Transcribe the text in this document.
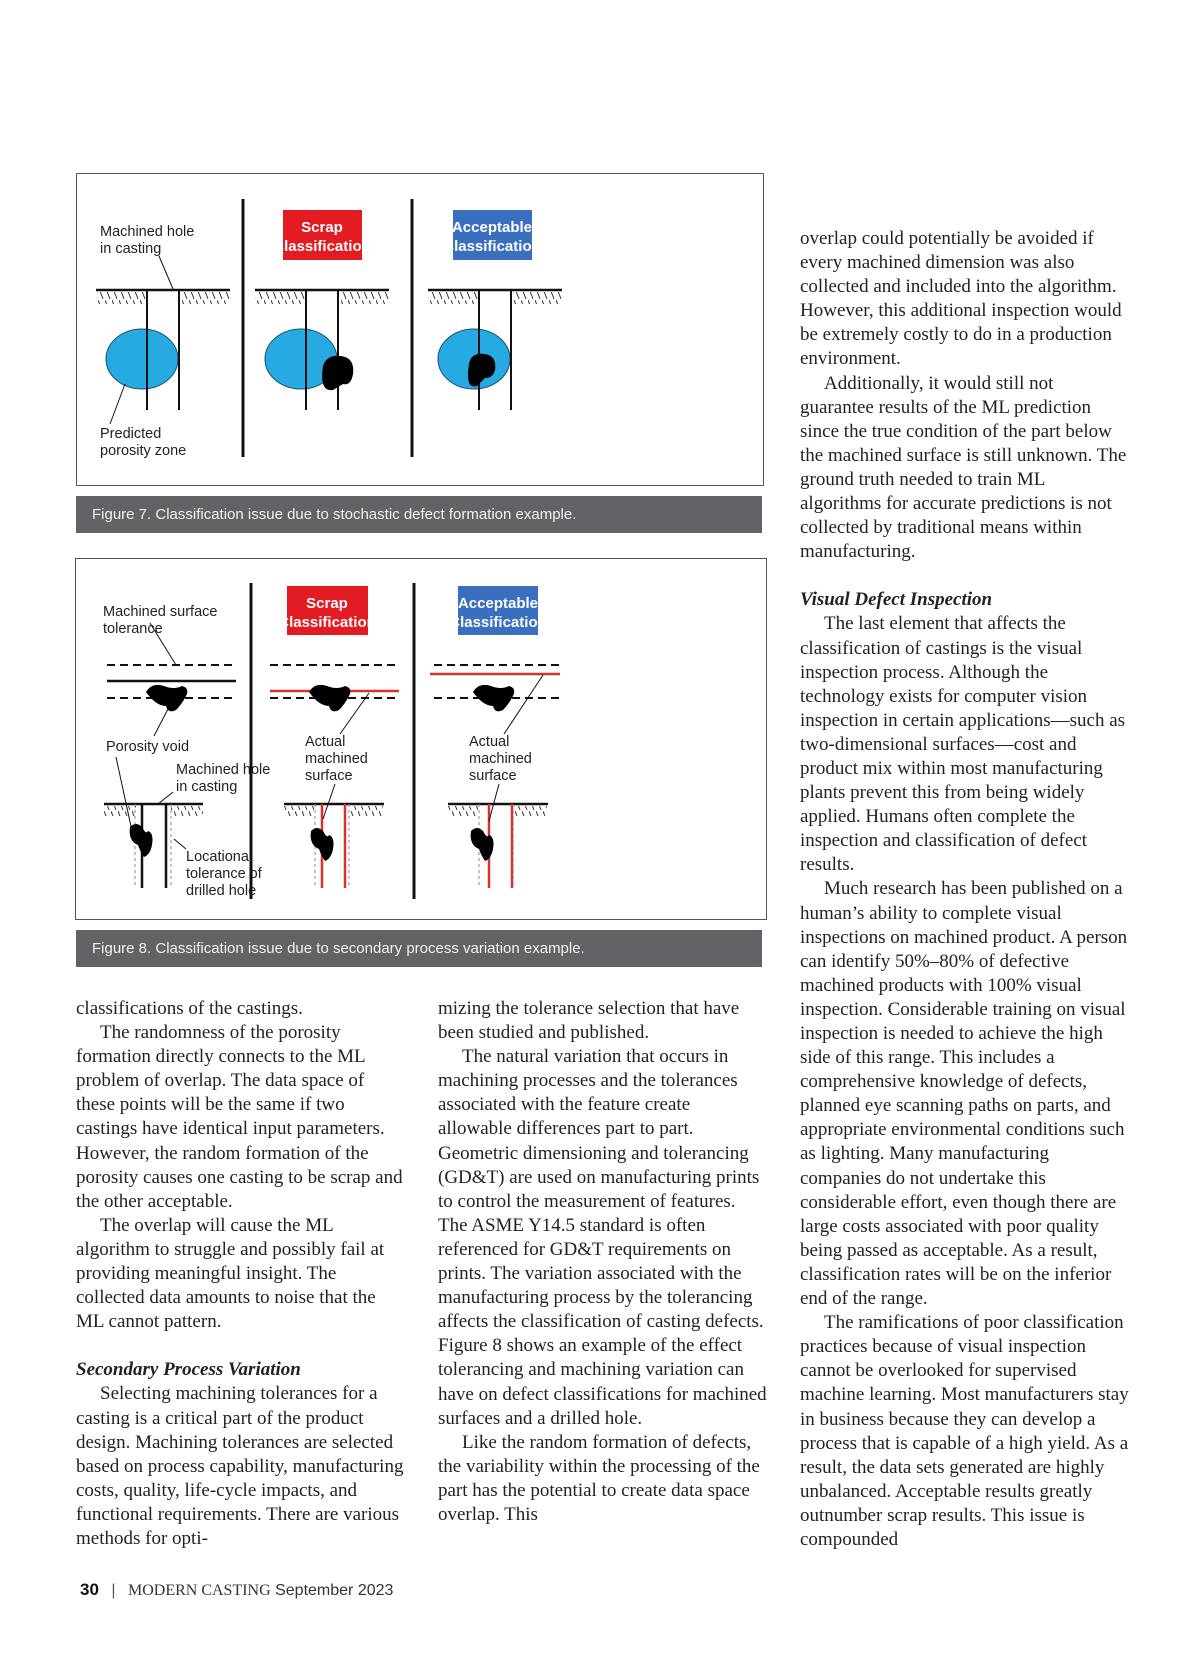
Scrap
Classification
Acceptable
Classification
Machined hole
in casting
Predicted
porosity zone
Figure 7. Classification issue due to stochastic defect formation example.
Machined surface
tolerance
Porosity void
Machined hole
in casting
Locational
tolerance of
drilled hole
Actual
machined
surface
Actual
machined
surface
Scrap
Classification
Acceptable
Classification
Figure 8. Classification issue due to secondary process variation example.

classifications of the castings.

The randomness of the porosity formation directly connects to the ML problem of overlap. The data space of these points will be the same if two castings have identical input parameters. However, the random formation of the porosity causes one casting to be scrap and the other acceptable.

The overlap will cause the ML algorithm to struggle and possibly fail at providing meaningful insight. The collected data amounts to noise that the ML cannot pattern.

Secondary Process Variation

Selecting machining tolerances for a casting is a critical part of the product design. Machining tolerances are selected based on process capability, manufacturing costs, quality, life-cycle impacts, and functional requirements. There are various methods for opti-

mizing the tolerance selection that have been studied and published.

The natural variation that occurs in machining processes and the tolerances associated with the feature create allowable differences part to part. Geometric dimensioning and tolerancing (GD&T) are used on manufacturing prints to control the measurement of features. The ASME Y14.5 standard is often referenced for GD&T requirements on prints. The variation associated with the manufacturing process by the tolerancing affects the classification of casting defects. Figure 8 shows an example of the effect tolerancing and machining variation can have on defect classifications for machined surfaces and a drilled hole.

Like the random formation of defects, the variability within the processing of the part has the potential to create data space overlap. This

overlap could potentially be avoided if every machined dimension was also collected and included into the algorithm. However, this additional inspection would be extremely costly to do in a production environment.

Additionally, it would still not guarantee results of the ML prediction since the true condition of the part below the machined surface is still unknown. The ground truth needed to train ML algorithms for accurate predictions is not collected by traditional means within manufacturing.

Visual Defect Inspection

The last element that affects the classification of castings is the visual inspection process. Although the technology exists for computer vision inspection in certain applications—such as two-dimensional surfaces—cost and product mix within most manufacturing plants prevent this from being widely applied. Humans often complete the inspection and classification of defect results.

Much research has been published on a human’s ability to complete visual inspections on machined product. A person can identify 50%–80% of defective machined products with 100% visual inspection. Considerable training on visual inspection is needed to achieve the high side of this range. This includes a comprehensive knowledge of defects, planned eye scanning paths on parts, and appropriate environmental conditions such as lighting. Many manufacturing companies do not undertake this considerable effort, even though there are large costs associated with poor quality being passed as acceptable. As a result, classification rates will be on the inferior end of the range.

The ramifications of poor classification practices because of visual inspection cannot be overlooked for supervised machine learning. Most manufacturers stay in business because they can develop a process that is capable of a high yield. As a result, the data sets generated are highly unbalanced. Acceptable results greatly outnumber scrap results. This issue is compounded

30 | MODERN CASTING September 2023
